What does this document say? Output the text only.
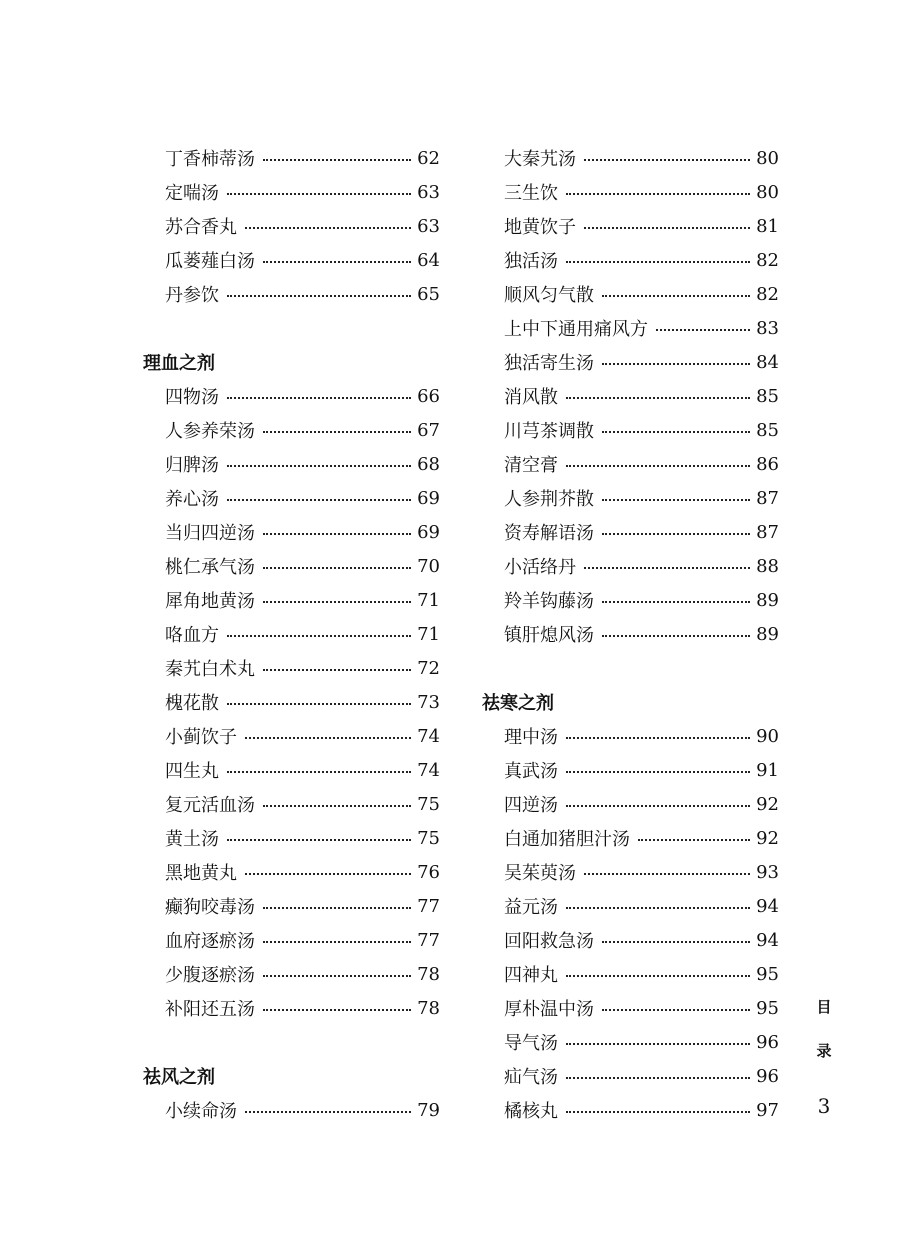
丁香柿蒂汤	62
定喘汤	63
苏合香丸	63
瓜蒌薤白汤	64
丹参饮	65
理血之剂
四物汤	66
人参养荣汤	67
归脾汤	68
养心汤	69
当归四逆汤	69
桃仁承气汤	70
犀角地黄汤	71
咯血方	71
秦艽白术丸	72
槐花散	73
小蓟饮子	74
四生丸	74
复元活血汤	75
黄土汤	75
黑地黄丸	76
癫狗咬毒汤	77
血府逐瘀汤	77
少腹逐瘀汤	78
补阳还五汤	78
祛风之剂
小续命汤	79
大秦艽汤	80
三生饮	80
地黄饮子	81
独活汤	82
顺风匀气散	82
上中下通用痛风方	83
独活寄生汤	84
消风散	85
川芎茶调散	85
清空膏	86
人参荆芥散	87
资寿解语汤	87
小活络丹	88
羚羊钩藤汤	89
镇肝熄风汤	89
祛寒之剂
理中汤	90
真武汤	91
四逆汤	92
白通加猪胆汁汤	92
吴茱萸汤	93
益元汤	94
回阳救急汤	94
四神丸	95
厚朴温中汤	95
导气汤	96
疝气汤	96
橘核丸	97
目
录
3
